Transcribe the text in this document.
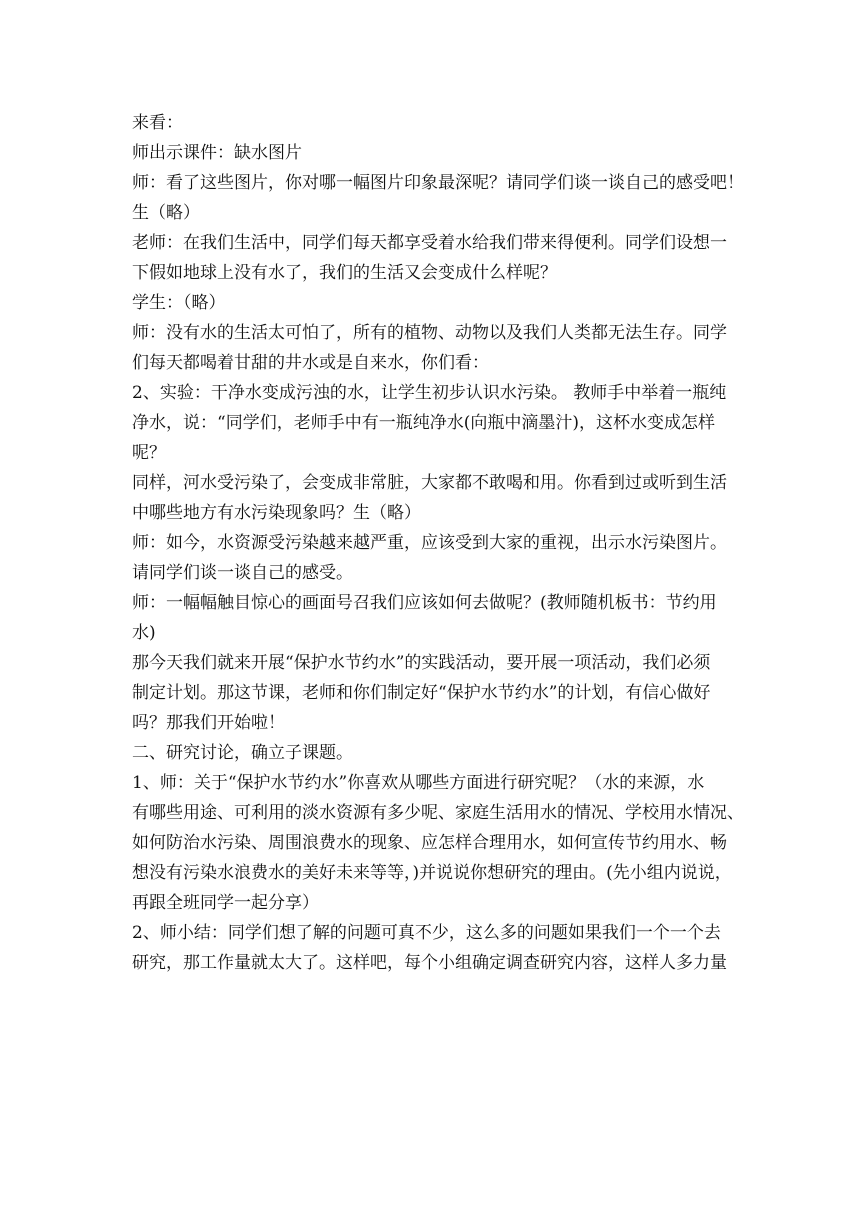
来看：
师出示课件：缺水图片
师：看了这些图片，你对哪一幅图片印象最深呢？请同学们谈一谈自己的感受吧！
生（略）
老师：在我们生活中，同学们每天都享受着水给我们带来得便利。同学们设想一
下假如地球上没有水了，我们的生活又会变成什么样呢？
学生：（略）
师：没有水的生活太可怕了，所有的植物、动物以及我们人类都无法生存。同学
们每天都喝着甘甜的井水或是自来水，你们看：
2、实验：干净水变成污浊的水，让学生初步认识水污染。 教师手中举着一瓶纯
净水，说：“同学们，老师手中有一瓶纯净水(向瓶中滴墨汁)，这杯水变成怎样
呢？
同样，河水受污染了，会变成非常脏，大家都不敢喝和用。你看到过或听到生活
中哪些地方有水污染现象吗？生（略）
师：如今，水资源受污染越来越严重，应该受到大家的重视，出示水污染图片。
请同学们谈一谈自己的感受。
师：一幅幅触目惊心的画面号召我们应该如何去做呢？(教师随机板书：节约用
水)
那今天我们就来开展“保护水节约水”的实践活动，要开展一项活动，我们必须
制定计划。那这节课，老师和你们制定好“保护水节约水”的计划，有信心做好
吗？那我们开始啦！
二、研究讨论，确立子课题。
1、师：关于“保护水节约水”你喜欢从哪些方面进行研究呢？（水的来源，水
有哪些用途、可利用的淡水资源有多少呢、家庭生活用水的情况、学校用水情况、
如何防治水污染、周围浪费水的现象、应怎样合理用水，如何宣传节约用水、畅
想没有污染水浪费水的美好未来等等，)并说说你想研究的理由。(先小组内说说，
再跟全班同学一起分享）
2、师小结：同学们想了解的问题可真不少，这么多的问题如果我们一个一个去
研究，那工作量就太大了。这样吧，每个小组确定调查研究内容，这样人多力量
